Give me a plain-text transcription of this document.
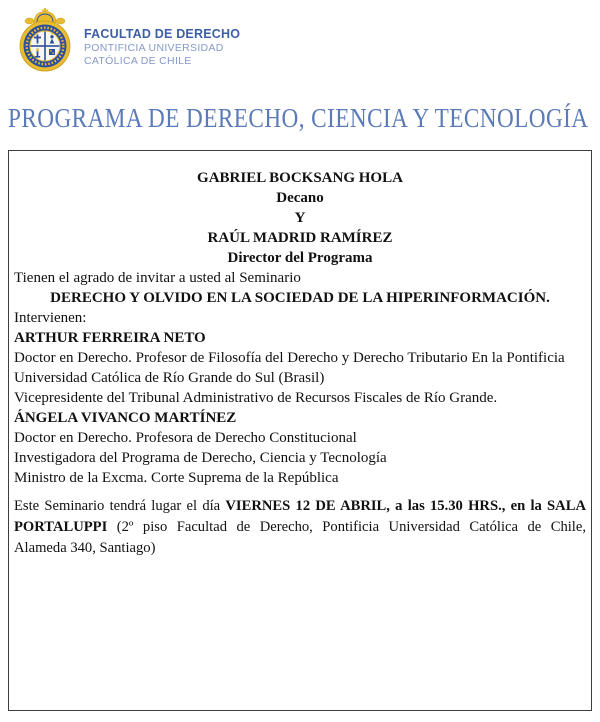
FACULTAD DE DERECHO
PONTIFICIA UNIVERSIDAD
CATÓLICA DE CHILE
PROGRAMA DE DERECHO, CIENCIA Y TECNOLOGÍA

GABRIEL BOCKSANG HOLA

Decano

Y

RAÚL MADRID RAMÍREZ

Director del Programa

Tienen el agrado de invitar a usted al Seminario

DERECHO Y OLVIDO EN LA SOCIEDAD DE LA HIPERINFORMACIÓN.

Intervienen:

ARTHUR FERREIRA NETO

Doctor en Derecho. Profesor de Filosofía del Derecho y Derecho Tributario En la Pontificia

Universidad Católica de Río Grande do Sul (Brasil)

Vicepresidente del Tribunal Administrativo de Recursos Fiscales de Río Grande.

ÁNGELA VIVANCO MARTÍNEZ

Doctor en Derecho. Profesora de Derecho Constitucional

Investigadora del Programa de Derecho, Ciencia y Tecnología

Ministro de la Excma. Corte Suprema de la República

Este Seminario tendrá lugar el día VIERNES 12 DE ABRIL, a las 15.30 HRS., en la SALA

PORTALUPPI (2º piso Facultad de Derecho, Pontificia Universidad Católica de Chile,

Alameda 340, Santiago)
